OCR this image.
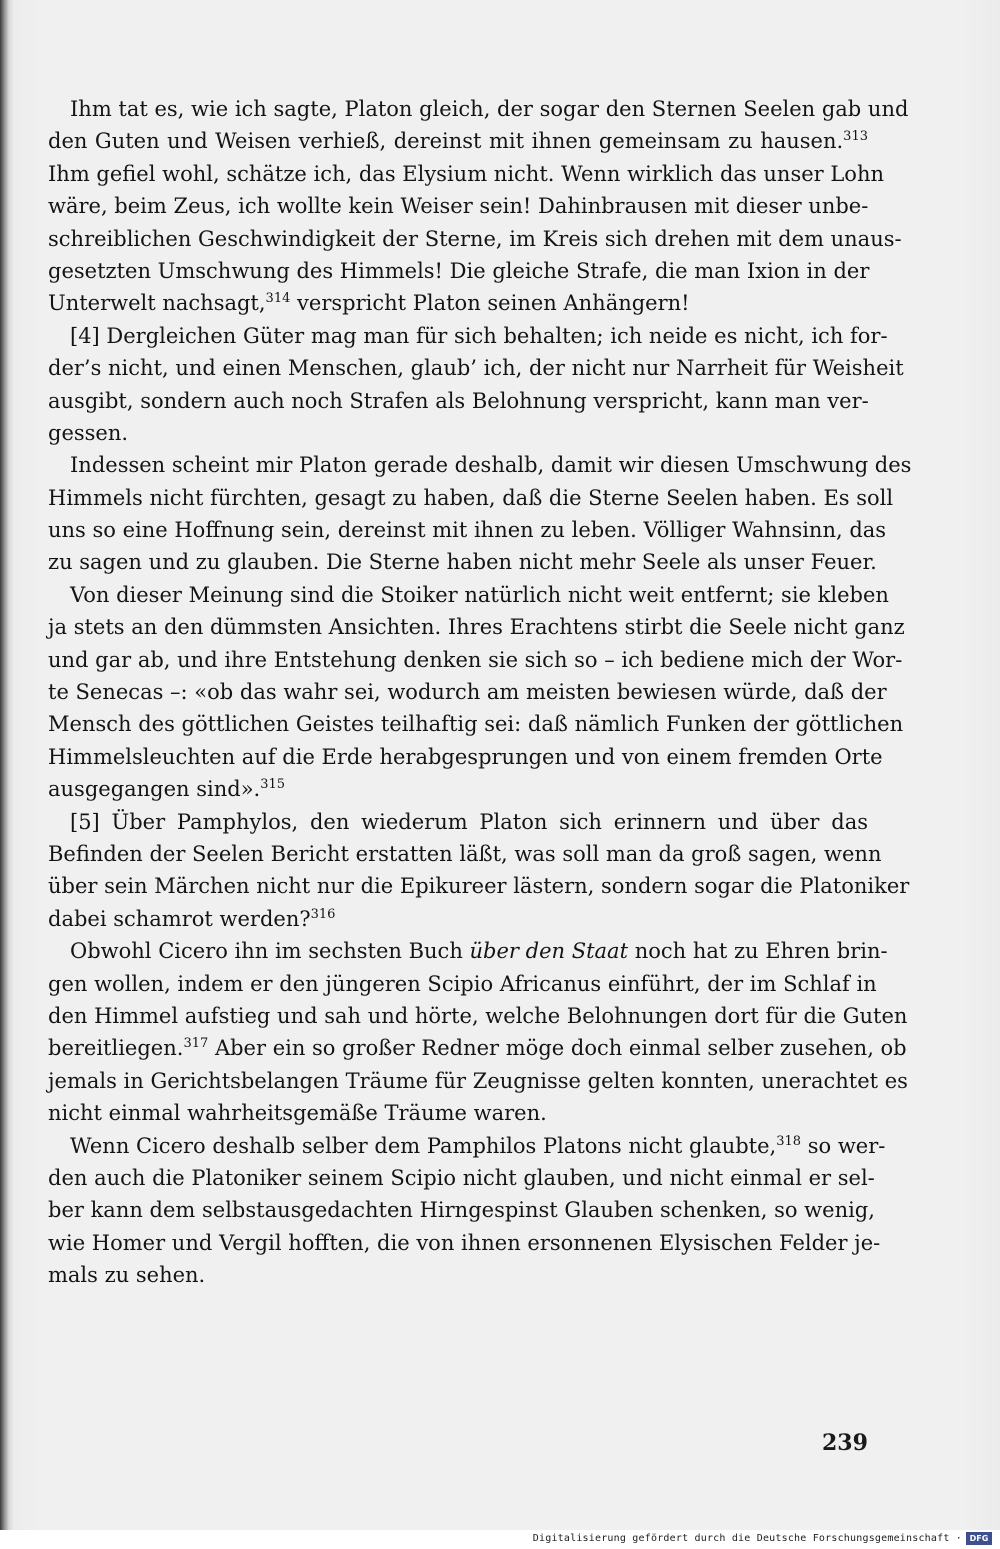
Ihm tat es, wie ich sagte, Platon gleich, der sogar den Sternen Seelen gab und
den Guten und Weisen verhieß, dereinst mit ihnen gemeinsam zu hausen.$^{313}$
Ihm gefiel wohl, schätze ich, das Elysium nicht. Wenn wirklich das unser Lohn
wäre, beim Zeus, ich wollte kein Weiser sein! Dahinbrausen mit dieser unbe-
schreiblichen Geschwindigkeit der Sterne, im Kreis sich drehen mit dem unaus-
gesetzten Umschwung des Himmels! Die gleiche Strafe, die man Ixion in der
Unterwelt nachsagt,$^{314}$ verspricht Platon seinen Anhängern!
[4] Dergleichen Güter mag man für sich behalten; ich neide es nicht, ich for-
der’s nicht, und einen Menschen, glaub’ ich, der nicht nur Narrheit für Weisheit
ausgibt, sondern auch noch Strafen als Belohnung verspricht, kann man ver-
gessen.
Indessen scheint mir Platon gerade deshalb, damit wir diesen Umschwung des
Himmels nicht fürchten, gesagt zu haben, daß die Sterne Seelen haben. Es soll
uns so eine Hoffnung sein, dereinst mit ihnen zu leben. Völliger Wahnsinn, das
zu sagen und zu glauben. Die Sterne haben nicht mehr Seele als unser Feuer.
Von dieser Meinung sind die Stoiker natürlich nicht weit entfernt; sie kleben
ja stets an den dümmsten Ansichten. Ihres Erachtens stirbt die Seele nicht ganz
und gar ab, und ihre Entstehung denken sie sich so – ich bediene mich der Wor-
te Senecas –: «ob das wahr sei, wodurch am meisten bewiesen würde, daß der
Mensch des göttlichen Geistes teilhaftig sei: daß nämlich Funken der göttlichen
Himmelsleuchten auf die Erde herabgesprungen und von einem fremden Orte
ausgegangen sind».$^{315}$
[5] Über Pamphylos, den wiederum Platon sich erinnern und über das
Befinden der Seelen Bericht erstatten läßt, was soll man da groß sagen, wenn
über sein Märchen nicht nur die Epikureer lästern, sondern sogar die Platoniker
dabei schamrot werden?$^{316}$
Obwohl Cicero ihn im sechsten Buch über den Staat noch hat zu Ehren brin-
gen wollen, indem er den jüngeren Scipio Africanus einführt, der im Schlaf in
den Himmel aufstieg und sah und hörte, welche Belohnungen dort für die Guten
bereitliegen.$^{317}$ Aber ein so großer Redner möge doch einmal selber zusehen, ob
jemals in Gerichtsbelangen Träume für Zeugnisse gelten konnten, unerachtet es
nicht einmal wahrheitsgemäße Träume waren.
Wenn Cicero deshalb selber dem Pamphilos Platons nicht glaubte,$^{318}$ so wer-
den auch die Platoniker seinem Scipio nicht glauben, und nicht einmal er sel-
ber kann dem selbstausgedachten Hirngespinst Glauben schenken, so wenig,
wie Homer und Vergil hofften, die von ihnen ersonnenen Elysischen Felder je-
mals zu sehen.
239
Digitalisierung gefördert durch die Deutsche Forschungsgemeinschaft · DFG
